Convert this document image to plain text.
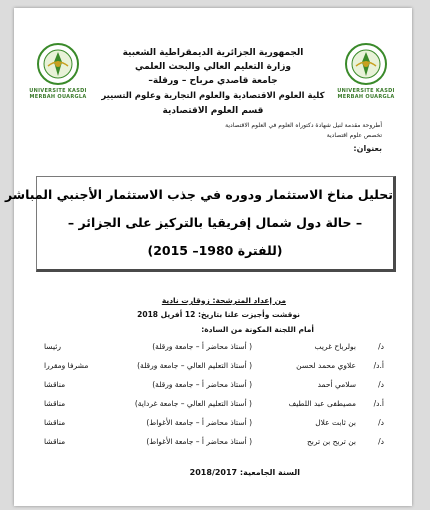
UNIVERSITE KASDI MERBAH OUARGLA
UNIVERSITE KASDI MERBAH OUARGLA
الجمهورية الجزائرية الديمقراطية الشعبية
وزارة التعليم العالي والبحث العلمي
جامعة قاصدي مرباح – ورقلة–
كلية العلوم الاقتصادية والعلوم التجارية وعلوم التسيير
قسم العلوم الاقتصادية
أطروحة مقدمة لنيل شهادة دكتوراه العلوم في العلوم الاقتصادية
تخصص علوم اقتصادية
بعنوان:
تحليل مناخ الاستثمار ودوره في جذب الاستثمار الأجنبي المباشر
– حالة دول شمال إفريقيا بالتركيز على الجزائر –
(للفترة 1980– 2015)
من إعداد المترشحة: زوقارت نادية
نوقشت وأجيزت علنا بتاريخ: 12 أفريل 2018
أمام اللجنة المكونة من السادة:
د/
بولرباح غريب
( أستاذ محاضر أ – جامعة ورقلة)
رئيسا
أ.د/
علاوي محمد لحسن
( أستاذ التعليم العالي – جامعة ورقلة)
مشرفا ومقررا
د/
سلامي أحمد
( أستاذ محاضر أ – جامعة ورقلة)
مناقشا
أ.د/
مصيطفى عبد اللطيف
( أستاذ التعليم العالي – جامعة غرداية)
مناقشا
د/
بن ثابت علال
( أستاذ محاضر أ – جامعة الأغواط)
مناقشا
د/
بن تربح بن تربح
( أستاذ محاضر أ – جامعة الأغواط)
مناقشا
السنة الجامعية: 2018/2017
